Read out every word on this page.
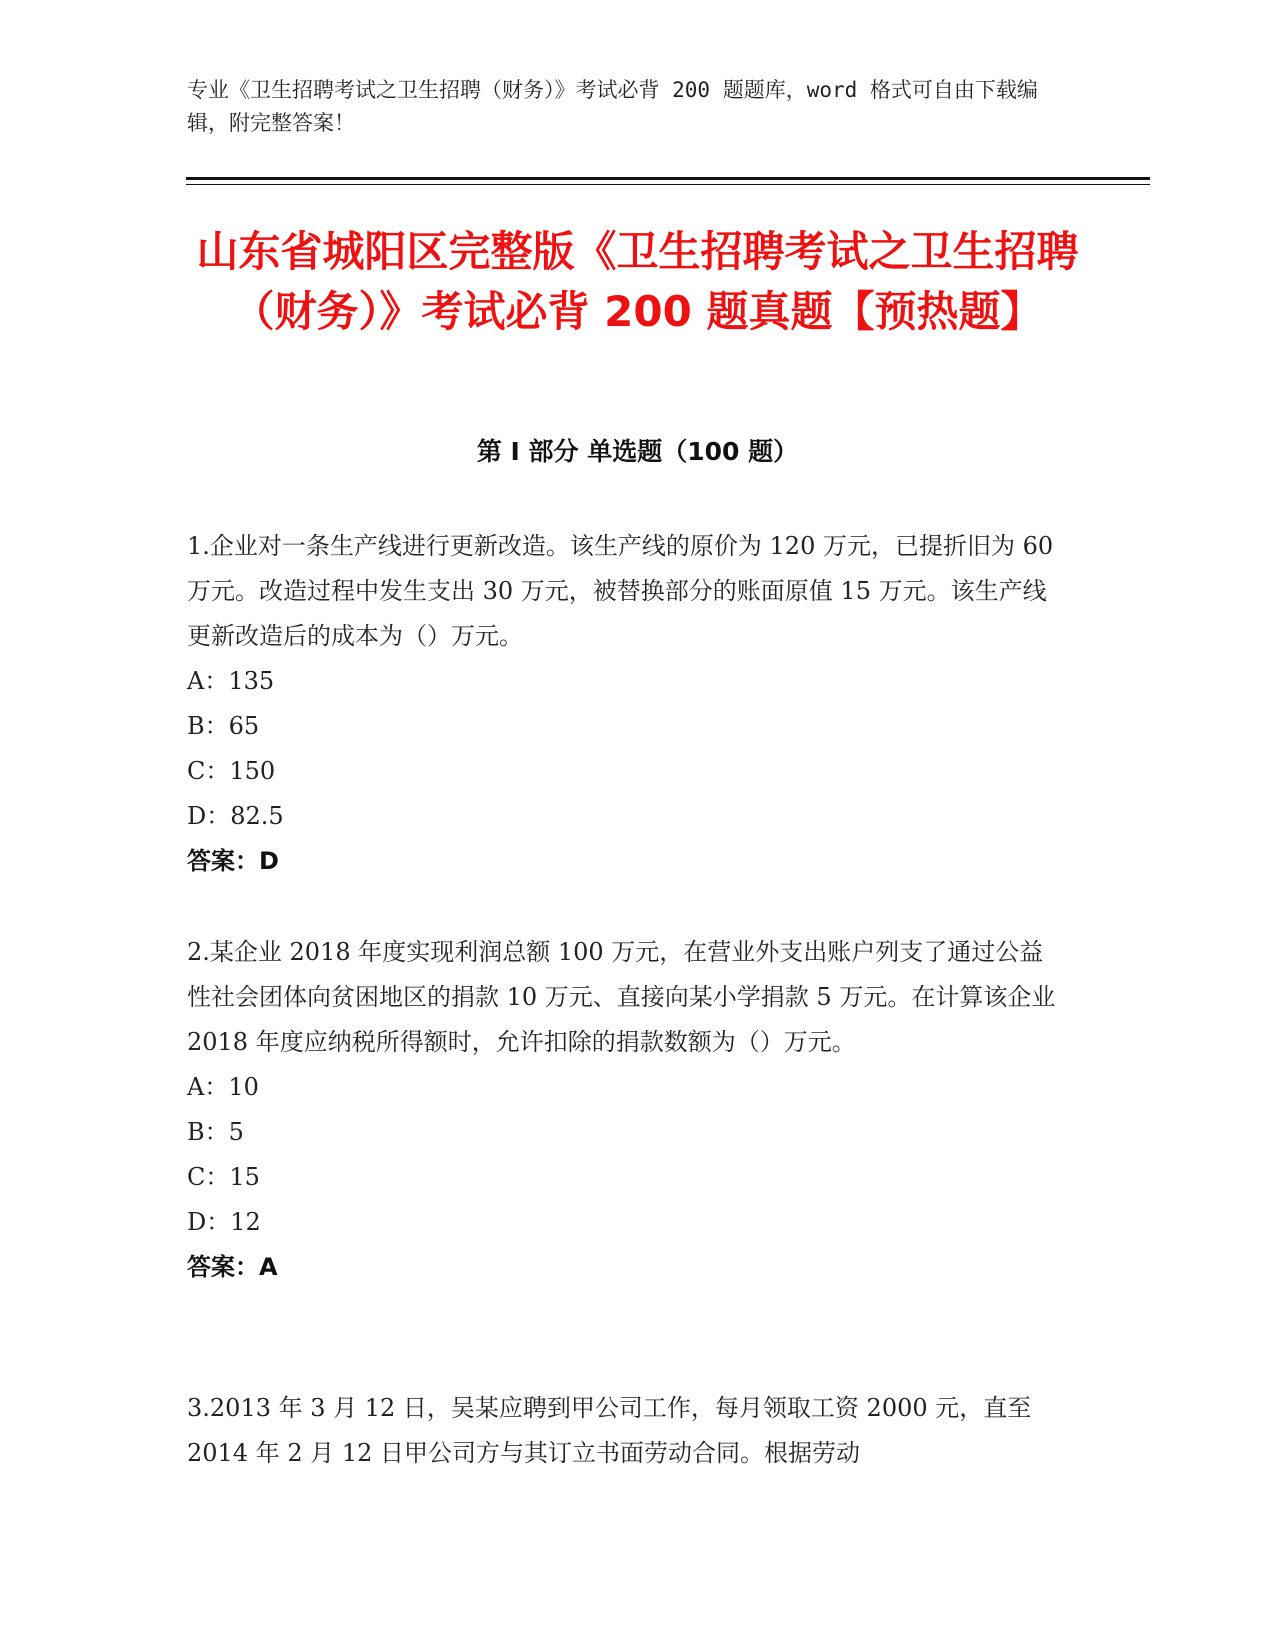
专业《卫生招聘考试之卫生招聘（财务）》考试必背 200 题题库，word 格式可自由下载编辑，附完整答案！
山东省城阳区完整版《卫生招聘考试之卫生招聘（财务）》考试必背 200 题真题【预热题】
第 I 部分 单选题（100 题）

1.企业对一条生产线进行更新改造。该生产线的原价为 120 万元，已提折旧为 60 万元。改造过程中发生支出 30 万元，被替换部分的账面原值 15 万元。该生产线更新改造后的成本为（）万元。

A：135

B：65

C：150

D：82.5

答案：D

2.某企业 2018 年度实现利润总额 100 万元，在营业外支出账户列支了通过公益性社会团体向贫困地区的捐款 10 万元、直接向某小学捐款 5 万元。在计算该企业 2018 年度应纳税所得额时，允许扣除的捐款数额为（）万元。

A：10

B：5

C：15

D：12

答案：A

3.2013 年 3 月 12 日，吴某应聘到甲公司工作，每月领取工资 2000 元，直至 2014 年 2 月 12 日甲公司方与其订立书面劳动合同。根据劳动
